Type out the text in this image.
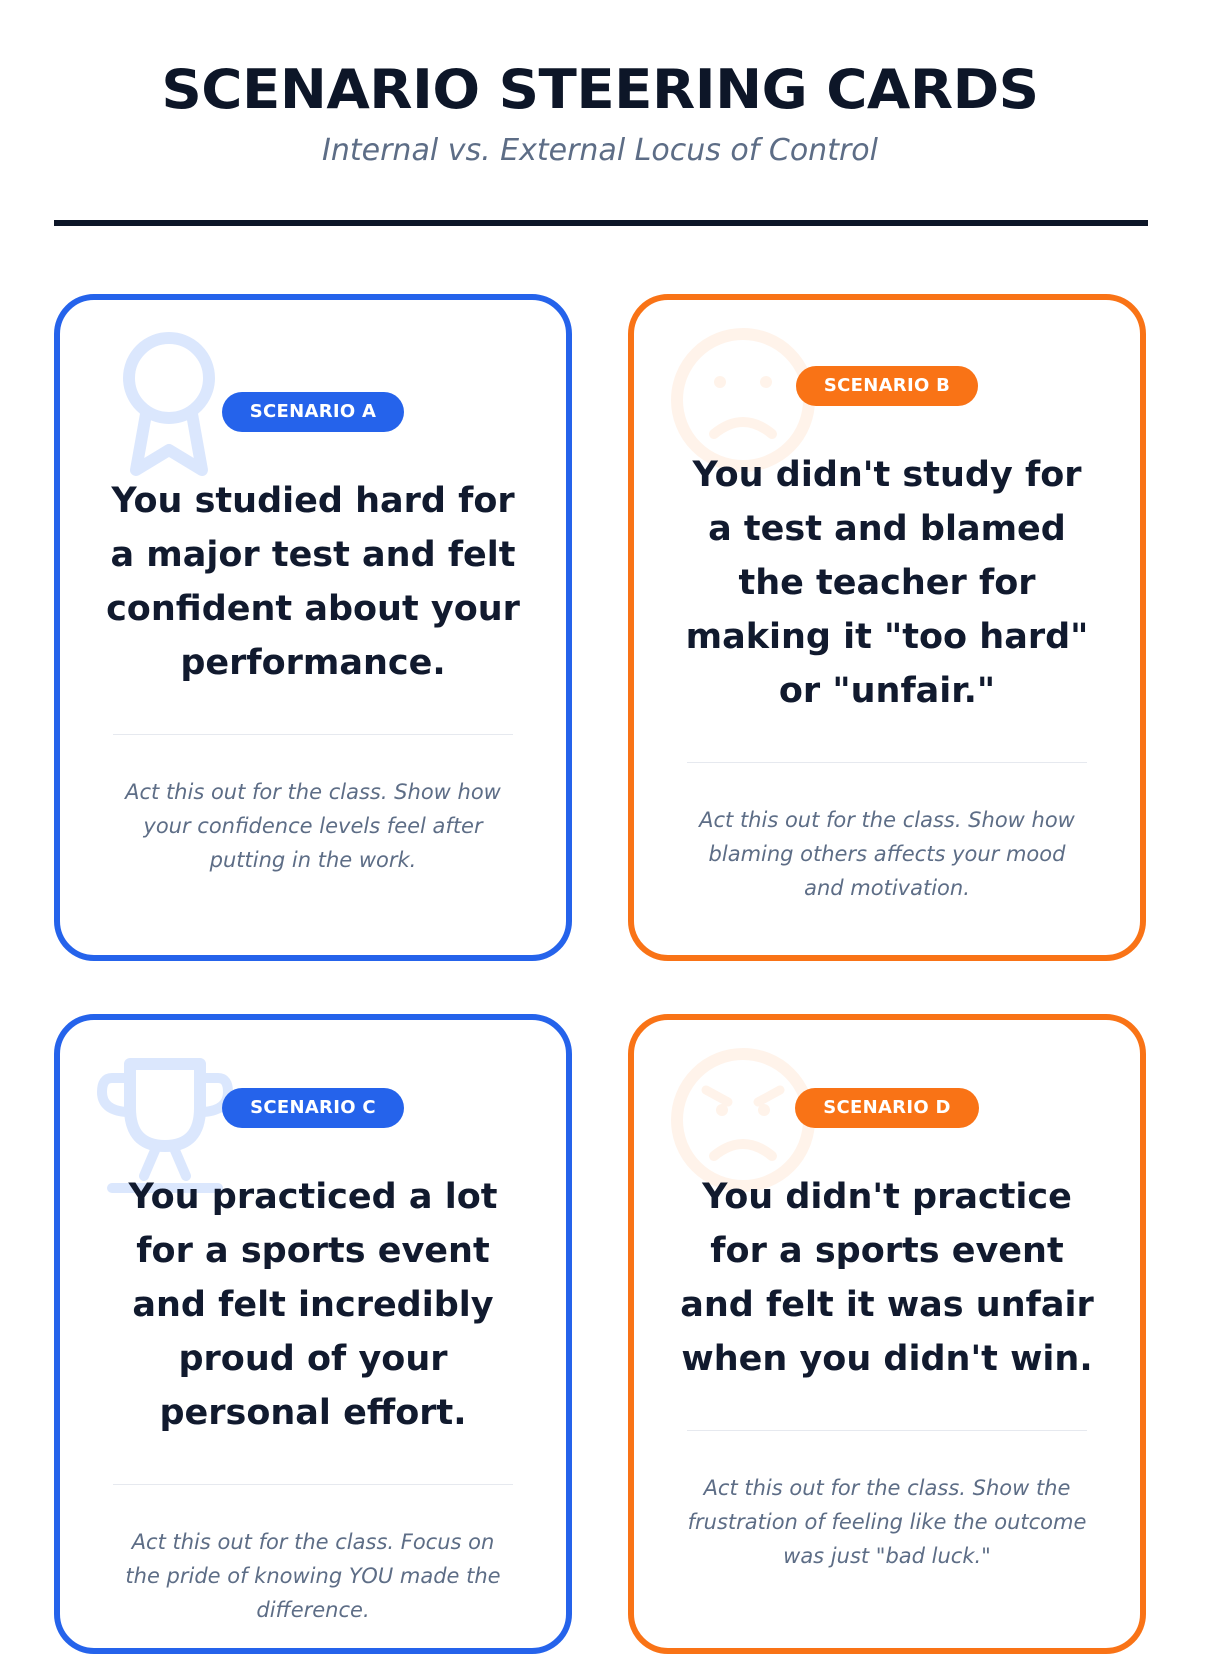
SCENARIO STEERING CARDS

Internal vs. External Locus of Control

SCENARIO A
You studied hard for a major test and felt confident about your performance.
Act this out for the class. Show how your confidence levels feel after putting in the work.
SCENARIO B
You didn't study for a test and blamed the teacher for making it "too hard" or "unfair."
Act this out for the class. Show how blaming others affects your mood and motivation.
SCENARIO C
You practiced a lot for a sports event and felt incredibly proud of your personal effort.
Act this out for the class. Focus on the pride of knowing YOU made the difference.
SCENARIO D
You didn't practice for a sports event and felt it was unfair when you didn't win.
Act this out for the class. Show the frustration of feeling like the outcome was just "bad luck."
